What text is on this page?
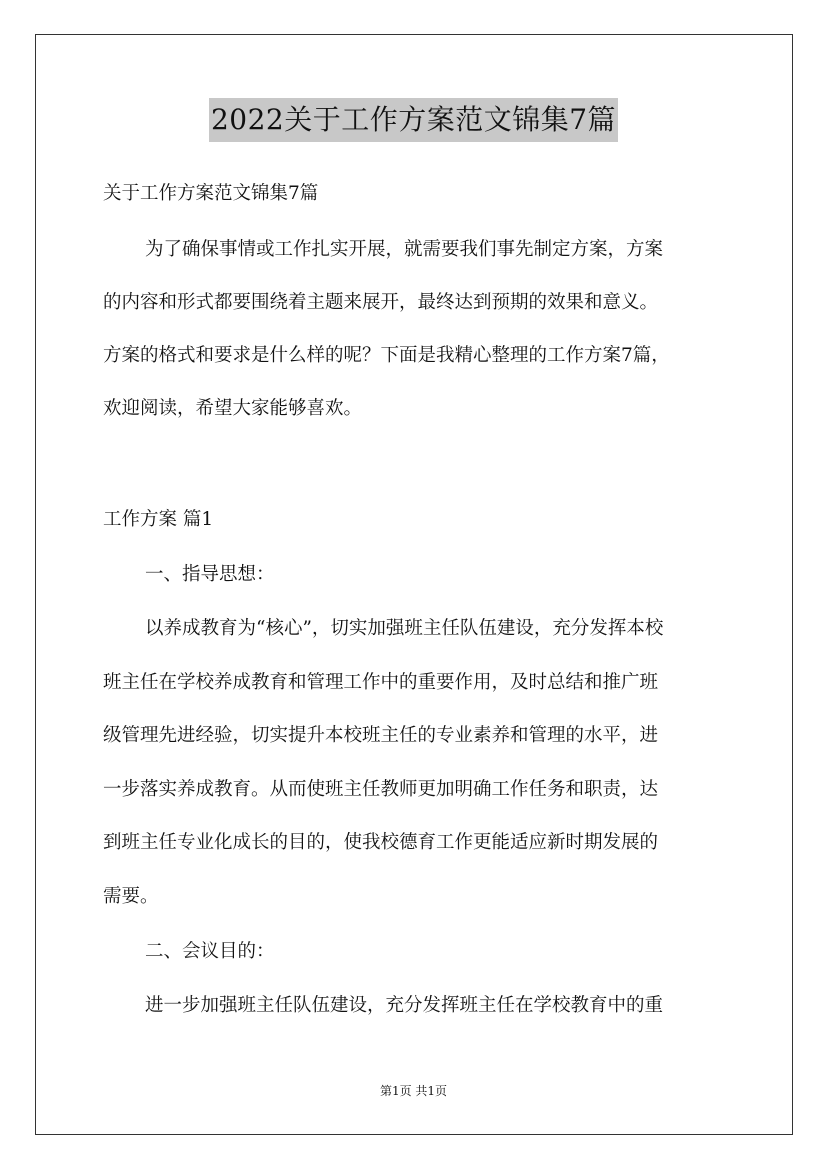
2022关于工作方案范文锦集7篇
关于工作方案范文锦集7篇
为了确保事情或工作扎实开展，就需要我们事先制定方案，方案
的内容和形式都要围绕着主题来展开，最终达到预期的效果和意义。
方案的格式和要求是什么样的呢？下面是我精心整理的工作方案7篇，
欢迎阅读，希望大家能够喜欢。
工作方案 篇1
一、指导思想：
以养成教育为“核心”，切实加强班主任队伍建设，充分发挥本校
班主任在学校养成教育和管理工作中的重要作用，及时总结和推广班
级管理先进经验，切实提升本校班主任的专业素养和管理的水平，进
一步落实养成教育。从而使班主任教师更加明确工作任务和职责，达
到班主任专业化成长的目的，使我校德育工作更能适应新时期发展的
需要。
二、会议目的：
进一步加强班主任队伍建设，充分发挥班主任在学校教育中的重
第1页 共1页
